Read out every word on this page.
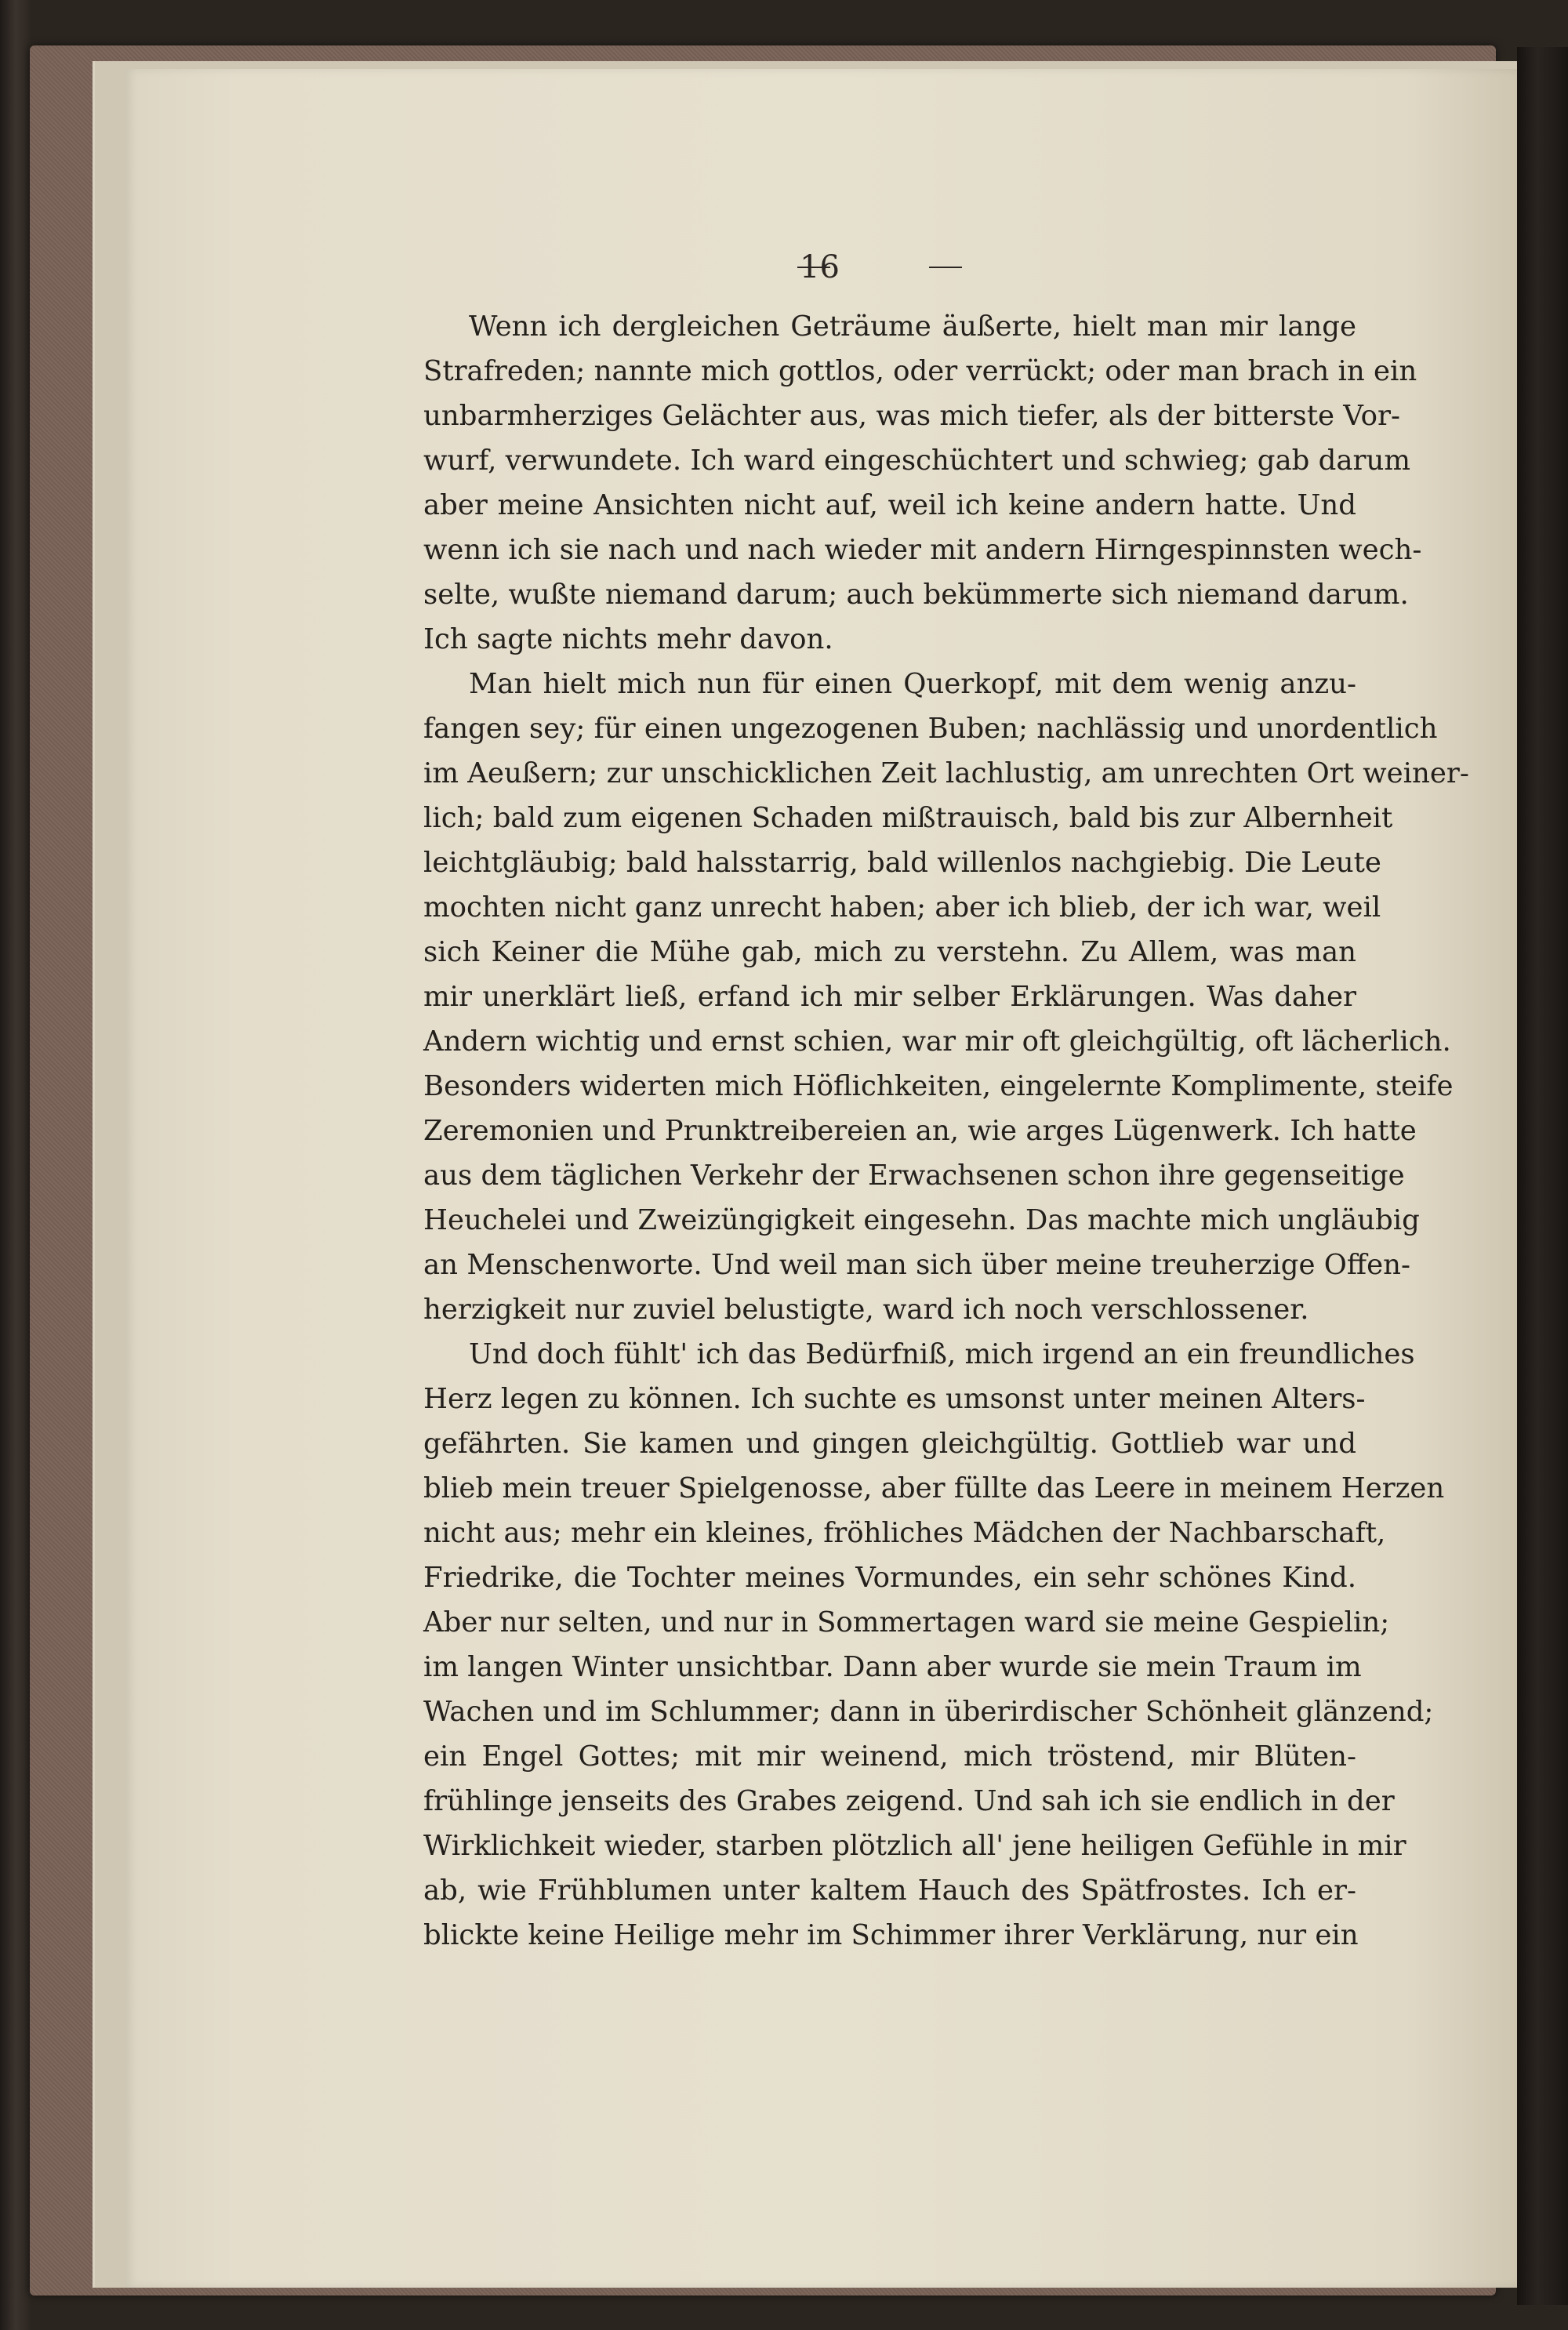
16
Wenn ich dergleichen Geträume äußerte, hielt man mir lange
Strafreden; nannte mich gottlos, oder verrückt; oder man brach in ein
unbarmherziges Gelächter aus, was mich tiefer, als der bitterste Vor-
wurf, verwundete. Ich ward eingeschüchtert und schwieg; gab darum
aber meine Ansichten nicht auf, weil ich keine andern hatte. Und
wenn ich sie nach und nach wieder mit andern Hirngespinnsten wech-
selte, wußte niemand darum; auch bekümmerte sich niemand darum.
Ich sagte nichts mehr davon.
Man hielt mich nun für einen Querkopf, mit dem wenig anzu-
fangen sey; für einen ungezogenen Buben; nachlässig und unordentlich
im Aeußern; zur unschicklichen Zeit lachlustig, am unrechten Ort weiner-
lich; bald zum eigenen Schaden mißtrauisch, bald bis zur Albernheit
leichtgläubig; bald halsstarrig, bald willenlos nachgiebig. Die Leute
mochten nicht ganz unrecht haben; aber ich blieb, der ich war, weil
sich Keiner die Mühe gab, mich zu verstehn. Zu Allem, was man
mir unerklärt ließ, erfand ich mir selber Erklärungen. Was daher
Andern wichtig und ernst schien, war mir oft gleichgültig, oft lächerlich.
Besonders widerten mich Höflichkeiten, eingelernte Komplimente, steife
Zeremonien und Prunktreibereien an, wie arges Lügenwerk. Ich hatte
aus dem täglichen Verkehr der Erwachsenen schon ihre gegenseitige
Heuchelei und Zweizüngigkeit eingesehn. Das machte mich ungläubig
an Menschenworte. Und weil man sich über meine treuherzige Offen-
herzigkeit nur zuviel belustigte, ward ich noch verschlossener.
Und doch fühlt' ich das Bedürfniß, mich irgend an ein freundliches
Herz legen zu können. Ich suchte es umsonst unter meinen Alters-
gefährten. Sie kamen und gingen gleichgültig. Gottlieb war und
blieb mein treuer Spielgenosse, aber füllte das Leere in meinem Herzen
nicht aus; mehr ein kleines, fröhliches Mädchen der Nachbarschaft,
Friedrike, die Tochter meines Vormundes, ein sehr schönes Kind.
Aber nur selten, und nur in Sommertagen ward sie meine Gespielin;
im langen Winter unsichtbar. Dann aber wurde sie mein Traum im
Wachen und im Schlummer; dann in überirdischer Schönheit glänzend;
ein Engel Gottes; mit mir weinend, mich tröstend, mir Blüten-
frühlinge jenseits des Grabes zeigend. Und sah ich sie endlich in der
Wirklichkeit wieder, starben plötzlich all' jene heiligen Gefühle in mir
ab, wie Frühblumen unter kaltem Hauch des Spätfrostes. Ich er-
blickte keine Heilige mehr im Schimmer ihrer Verklärung, nur ein
